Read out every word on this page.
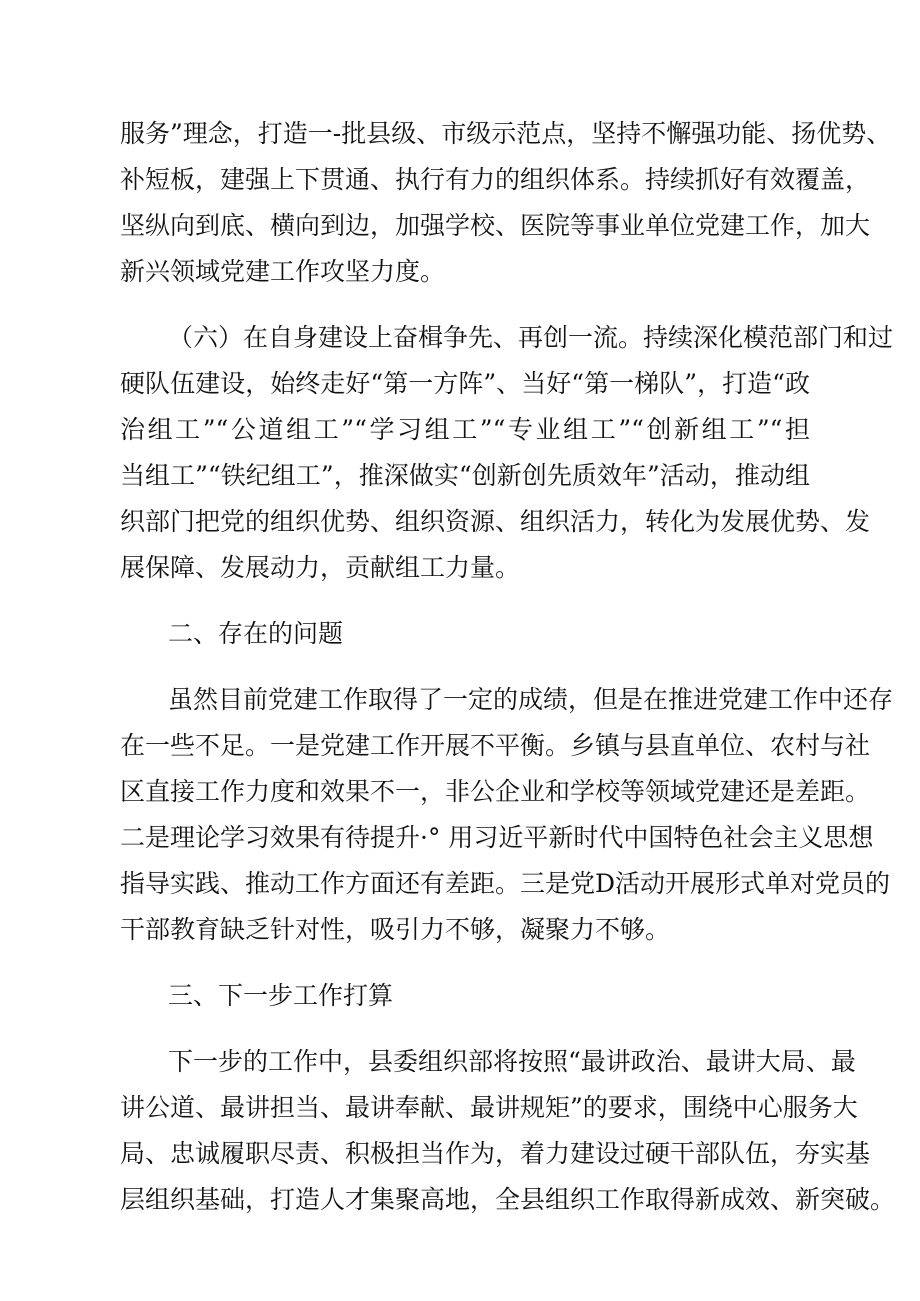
服务”理念，打造一-批县级、市级示范点，坚持不懈强功能、扬优势、
补短板，建强上下贯通、执行有力的组织体系。持续抓好有效覆盖，
坚纵向到底、横向到边，加强学校、医院等事业单位党建工作，加大
新兴领域党建工作攻坚力度。
（六）在自身建设上奋楫争先、再创一流。持续深化模范部门和过
硬队伍建设，始终走好“第一方阵”、当好“第一梯队”，打造“政
治组工”“公道组工”“学习组工”“专业组工”“创新组工”“担
当组工”“铁纪组工”，推深做实“创新创先质效年”活动，推动组
织部门把党的组织优势、组织资源、组织活力，转化为发展优势、发
展保障、发展动力，贡献组工力量。
二、存在的问题
虽然目前党建工作取得了一定的成绩，但是在推进党建工作中还存
在一些不足。一是党建工作开展不平衡。乡镇与县直单位、农村与社
区直接工作力度和效果不一，非公企业和学校等领域党建还是差距。
二是理论学习效果有待提升·° 用习近平新时代中国特色社会主义思想
指导实践、推动工作方面还有差距。三是党D活动开展形式单对党员的
干部教育缺乏针对性，吸引力不够，凝聚力不够。
三、下一步工作打算
下一步的工作中，县委组织部将按照“最讲政治、最讲大局、最
讲公道、最讲担当、最讲奉献、最讲规矩”的要求，围绕中心服务大
局、忠诚履职尽责、积极担当作为，着力建设过硬干部队伍，夯实基
层组织基础，打造人才集聚高地，全县组织工作取得新成效、新突破。
